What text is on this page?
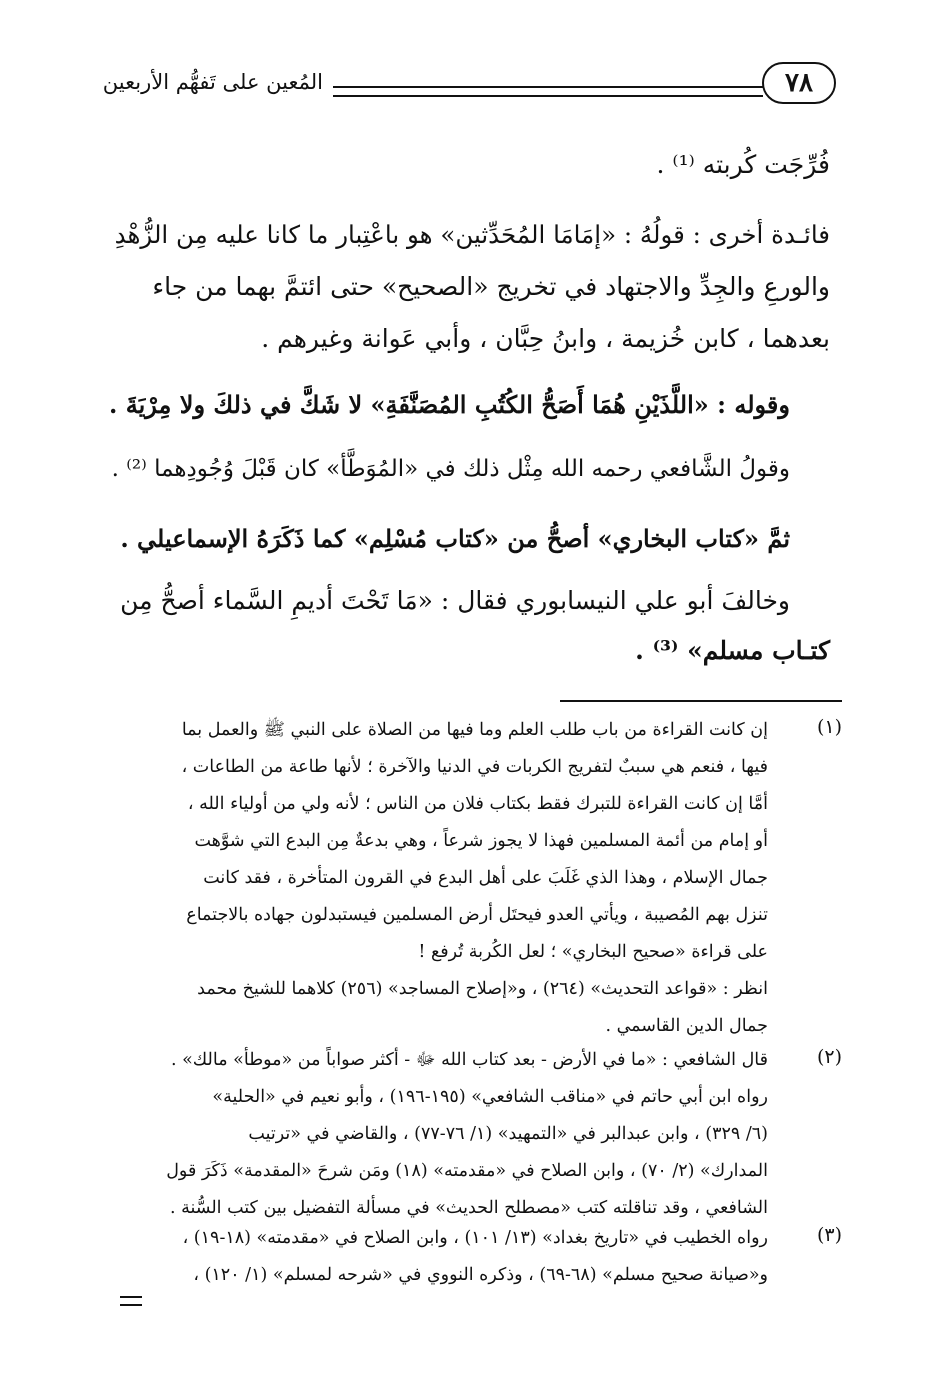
٧٨
المُعين على تَفهُّم الأربعين
فُرِّجَت كُربته ⁽¹⁾ .
فائـدة أخرى : قولُهُ : «إمَامَا المُحَدِّثين» هو باعْتِبار ما كانا عليه مِن الزُّهْدِ
والورعِ والجِدِّ والاجتهاد في تخريج «الصحيح» حتى ائتمَّ بهما من جاء
بعدهما ، كابن خُزيمة ، وابنُ حِبَّان ، وأبي عَوانة وغيرهم .
وقوله : «اللَّذَيْنِ هُمَا أَصَحُّ الكُتُبِ المُصَنَّفَةِ» لا شَكَّ في ذلكَ ولا مِرْيَةَ .
وقولُ الشَّافعي رحمه الله مِثْل ذلك في «المُوَطَّأ» كان قَبْلَ وُجُودِهما ⁽²⁾ .
ثمَّ «كتاب البخاري» أصحُّ من «كتاب مُسْلِم» كما ذَكَرَهُ الإسماعيلي .
وخالفَ أبو علي النيسابوري فقال : «مَا تَحْتَ أديمِ السَّماء أصحُّ مِن
كتـاب مسلم» ⁽³⁾ .
(١)
إن كانت القراءة من باب طلب العلم وما فيها من الصلاة على النبي ﷺ والعمل بما
فيها ، فنعم هي سببٌ لتفريج الكربات في الدنيا والآخرة ؛ لأنها طاعة من الطاعات ،
أمَّا إن كانت القراءة للتبرك فقط بكتاب فلان من الناس ؛ لأنه ولي من أولياء الله ،
أو إمام من أئمة المسلمين فهذا لا يجوز شرعاً ، وهي بدعةٌ مِن البدع التي شوَّهت
جمال الإسلام ، وهذا الذي غَلَبَ على أهل البدع في القرون المتأخرة ، فقد كانت
تنزل بهم المُصيبة ، ويأتي العدو فيحتَل أرض المسلمين فيستبدلون جهاده بالاجتماع
على قراءة «صحيح البخاري» ؛ لعل الكُربة تُرفع !
انظر : «قواعد التحديث» (٢٦٤) ، و«إصلاح المساجد» (٢٥٦) كلاهما للشيخ محمد
جمال الدين القاسمي .
(٢)
قال الشافعي : «ما في الأرض - بعد كتاب الله ﷻ - أكثر صواباً من «موطأ» مالك» .
رواه ابن أبي حاتم في «مناقب الشافعي» (١٩٥-١٩٦) ، وأبو نعيم في «الحلية»
(٦/ ٣٢٩) ، وابن عبدالبر في «التمهيد» (١/ ٧٦-٧٧) ، والقاضي في «ترتيب
المدارك» (٢/ ٧٠) ، وابن الصلاح في «مقدمته» (١٨) ومَن شرحَ «المقدمة» ذَكَرَ قول
الشافعي ، وقد تناقلته كتب «مصطلح الحديث» في مسألة التفضيل بين كتب السُّنة .
(٣)
رواه الخطيب في «تاريخ بغداد» (١٣/ ١٠١) ، وابن الصلاح في «مقدمته» (١٨-١٩) ،
و«صيانة صحيح مسلم» (٦٨-٦٩) ، وذكره النووي في «شرحه لمسلم» (١/ ١٢٠) ،
